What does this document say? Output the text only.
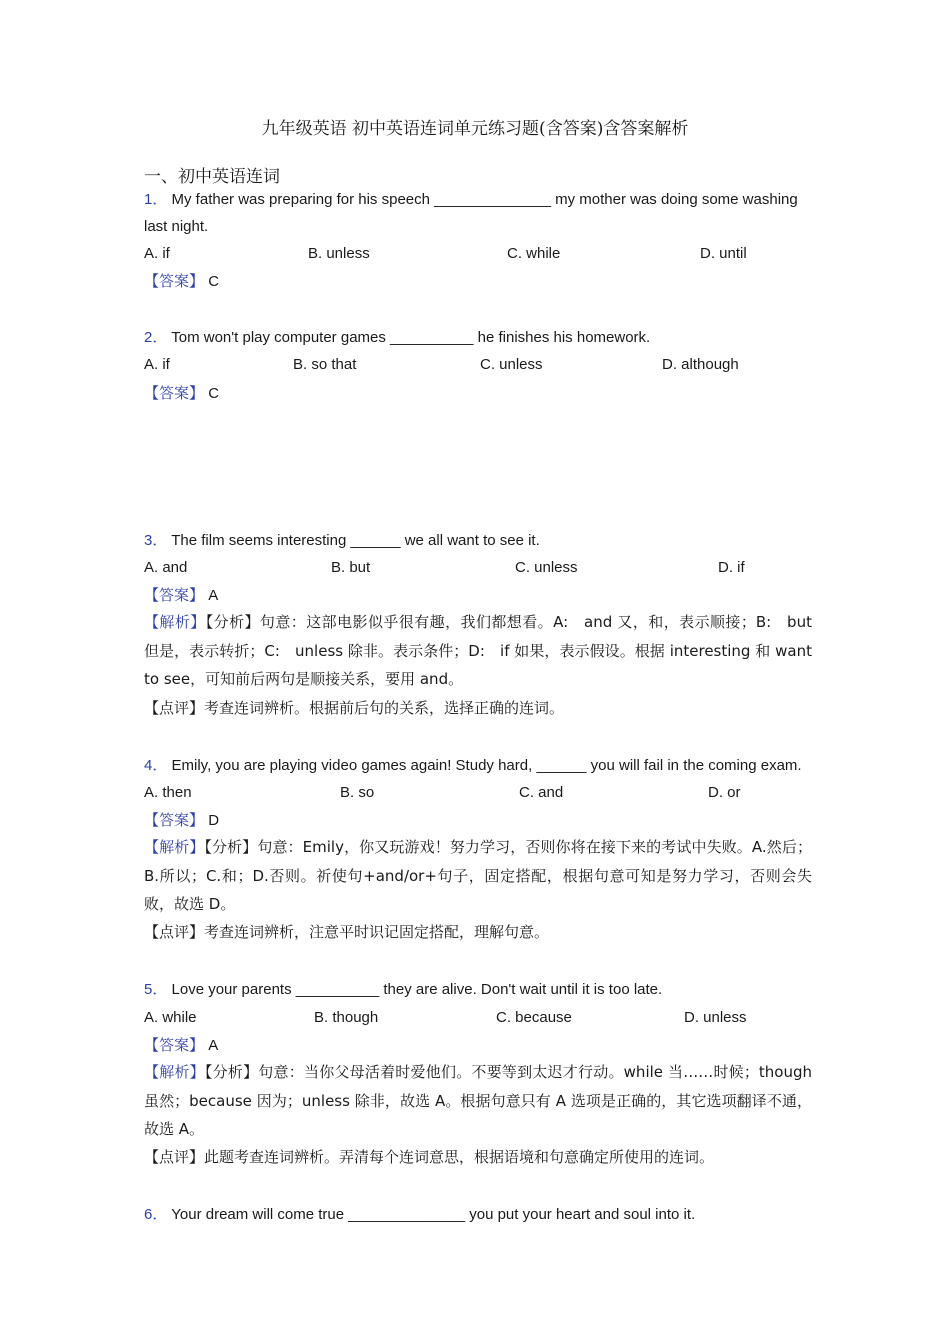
九年级英语 初中英语连词单元练习题(含答案)含答案解析
一、初中英语连词
1． My father was preparing for his speech ______________ my mother was doing some washing
last night.
A. if	B. unless	C. while	D. until
【答案】 C
2． Tom won't play computer games __________ he finishes his homework.
A. if	B. so that	C. unless	D. although
【答案】 C
3． The film seems interesting ______ we all want to see it.
A. and	B. but	C. unless	D. if
【答案】 A
【解析】【分析】句意：这部电影似乎很有趣，我们都想看。A:　and 又，和，表示顺接；B:　but 但是，表示转折；C:　unless 除非。表示条件；D:　if 如果，表示假设。根据 interesting 和 want to see，可知前后两句是顺接关系，要用 and。
【点评】考查连词辨析。根据前后句的关系，选择正确的连词。
4． Emily, you are playing video games again! Study hard, ______ you will fail in the coming exam.
A. then	B. so	C. and	D. or
【答案】 D
【解析】【分析】句意：Emily，你又玩游戏！努力学习，否则你将在接下来的考试中失败。A.然后；B.所以；C.和；D.否则。祈使句+and/or+句子，固定搭配，根据句意可知是努力学习，否则会失败，故选 D。
【点评】考查连词辨析，注意平时识记固定搭配，理解句意。
5． Love your parents __________ they are alive. Don't wait until it is too late.
A. while	B. though	C. because	D. unless
【答案】 A
【解析】【分析】句意：当你父母活着时爱他们。不要等到太迟才行动。while 当……时候；though 虽然；because 因为；unless 除非，故选 A。根据句意只有 A 选项是正确的，其它选项翻译不通，故选 A。
【点评】此题考查连词辨析。弄清每个连词意思，根据语境和句意确定所使用的连词。
6． Your dream will come true ______________ you put your heart and soul into it.
